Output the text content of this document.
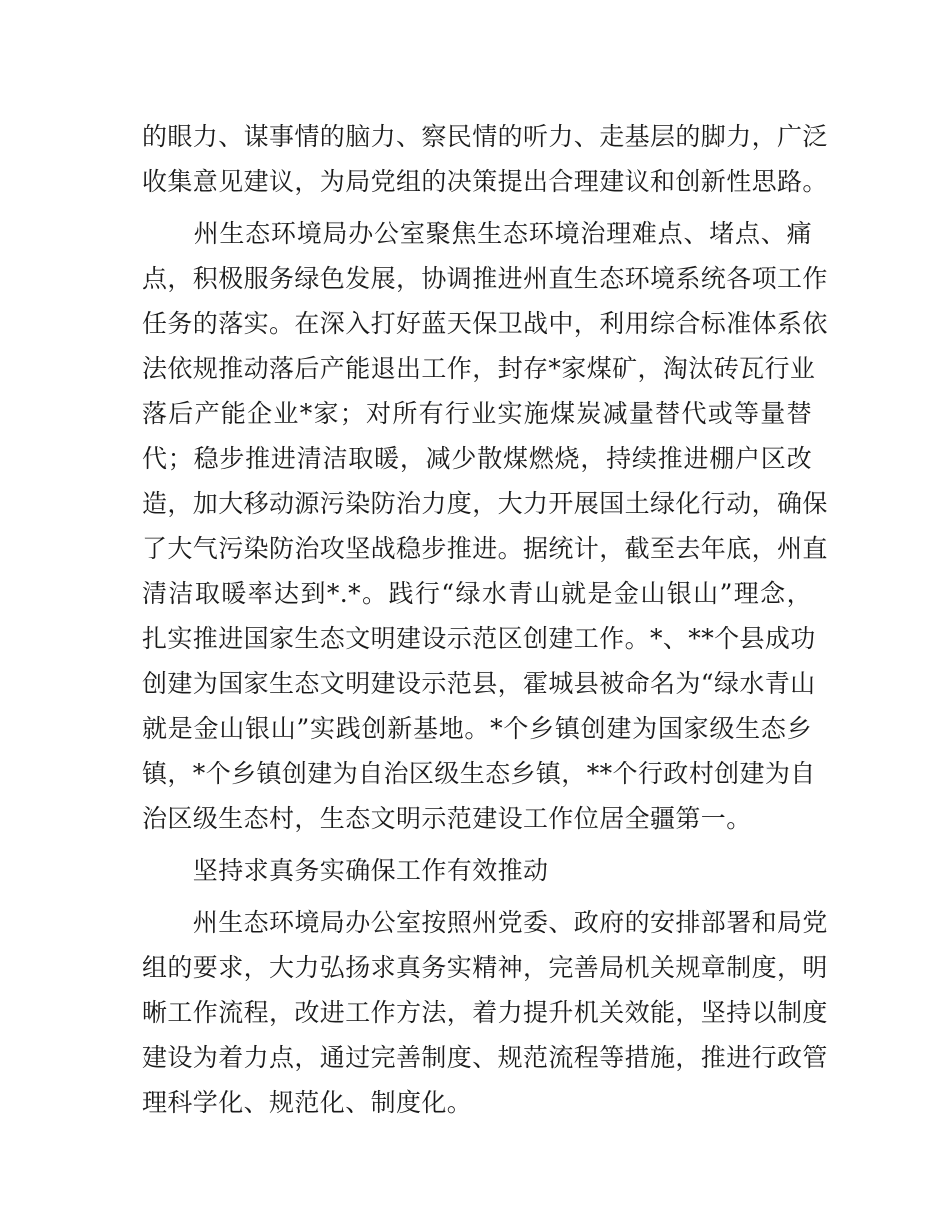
的眼力、谋事情的脑力、察民情的听力、走基层的脚力，广泛
收集意见建议，为局党组的决策提出合理建议和创新性思路。
　　州生态环境局办公室聚焦生态环境治理难点、堵点、痛
点，积极服务绿色发展，协调推进州直生态环境系统各项工作
任务的落实。在深入打好蓝天保卫战中，利用综合标准体系依
法依规推动落后产能退出工作，封存*家煤矿，淘汰砖瓦行业
落后产能企业*家；对所有行业实施煤炭减量替代或等量替
代；稳步推进清洁取暖，减少散煤燃烧，持续推进棚户区改
造，加大移动源污染防治力度，大力开展国土绿化行动，确保
了大气污染防治攻坚战稳步推进。据统计，截至去年底，州直
清洁取暖率达到*.*。践行“绿水青山就是金山银山”理念，
扎实推进国家生态文明建设示范区创建工作。*、**个县成功
创建为国家生态文明建设示范县，霍城县被命名为“绿水青山
就是金山银山”实践创新基地。*个乡镇创建为国家级生态乡
镇，*个乡镇创建为自治区级生态乡镇，**个行政村创建为自
治区级生态村，生态文明示范建设工作位居全疆第一。
　　坚持求真务实确保工作有效推动
　　州生态环境局办公室按照州党委、政府的安排部署和局党
组的要求，大力弘扬求真务实精神，完善局机关规章制度，明
晰工作流程，改进工作方法，着力提升机关效能，坚持以制度
建设为着力点，通过完善制度、规范流程等措施，推进行政管
理科学化、规范化、制度化。
